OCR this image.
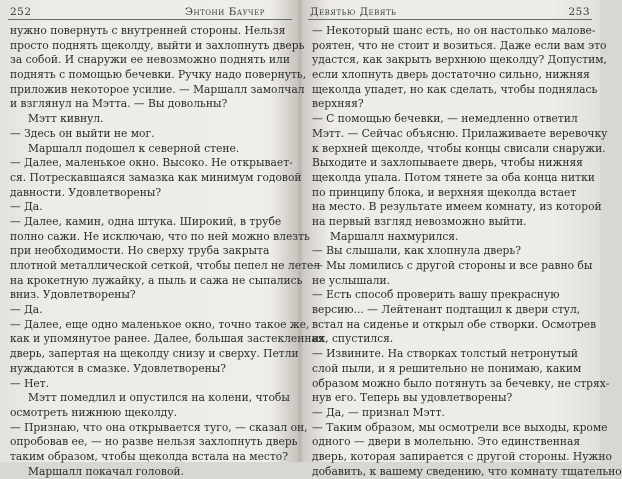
252	Энтони Баучер
нужно повернуть с внутренней стороны. Нельзя
просто поднять щеколду, выйти и захлопнуть дверь
за собой. И снаружи ее невозможно поднять или
поднять с помощью бечевки. Ручку надо повернуть,
приложив некоторое усилие. — Маршалл замолчал
и взглянул на Мэтта. — Вы довольны?
Мэтт кивнул.
— Здесь он выйти не мог.
Маршалл подошел к северной стене.
— Далее, маленькое окно. Высоко. Не открывает-
ся. Потрескавшаяся замазка как минимум годовой
давности. Удовлетворены?
— Да.
— Далее, камин, одна штука. Широкий, в трубе
полно сажи. Не исключаю, что по ней можно влезть
при необходимости. Но сверху труба закрыта
плотной металлической сеткой, чтобы пепел не летел
на крокетную лужайку, а пыль и сажа не сыпались
вниз. Удовлетворены?
— Да.
— Далее, еще одно маленькое окно, точно такое же,
как и упомянутое ранее. Далее, большая застекленная
дверь, запертая на щеколду снизу и сверху. Петли
нуждаются в смазке. Удовлетворены?
— Нет.
Мэтт помедлил и опустился на колени, чтобы
осмотреть нижнюю щеколду.
— Признаю, что она открывается туго, — сказал он,
опробовав ее, — но разве нельзя захлопнуть дверь
таким образом, чтобы щеколда встала на место?
Маршалл покачал головой.
Девятью Девять	253
— Некоторый шанс есть, но он настолько малове-
роятен, что не стоит и возиться. Даже если вам это
удастся, как закрыть верхнюю щеколду? Допустим,
если хлопнуть дверь достаточно сильно, нижняя
щеколда упадет, но как сделать, чтобы поднялась
верхняя?
— С помощью бечевки, — немедленно ответил
Мэтт. — Сейчас объясню. Прилаживаете веревочку
к верхней щеколде, чтобы концы свисали снаружи.
Выходите и захлопываете дверь, чтобы нижняя
щеколда упала. Потом тянете за оба конца нитки
по принципу блока, и верхняя щеколда встает
на место. В результате имеем комнату, из которой
на первый взгляд невозможно выйти.
Маршалл нахмурился.
— Вы слышали, как хлопнула дверь?
— Мы ломились с другой стороны и все равно бы
не услышали.
— Есть способ проверить вашу прекрасную
версию... — Лейтенант подтащил к двери стул,
встал на сиденье и открыл обе створки. Осмотрев
их, спустился.
— Извините. На створках толстый нетронутый
слой пыли, и я решительно не понимаю, каким
образом можно было потянуть за бечевку, не стрях-
нув его. Теперь вы удовлетворены?
— Да, — признал Мэтт.
— Таким образом, мы осмотрели все выходы, кроме
одного — двери в молельню. Это единственная
дверь, которая запирается с другой стороны. Нужно
добавить, к вашему сведению, что комнату тщательно
